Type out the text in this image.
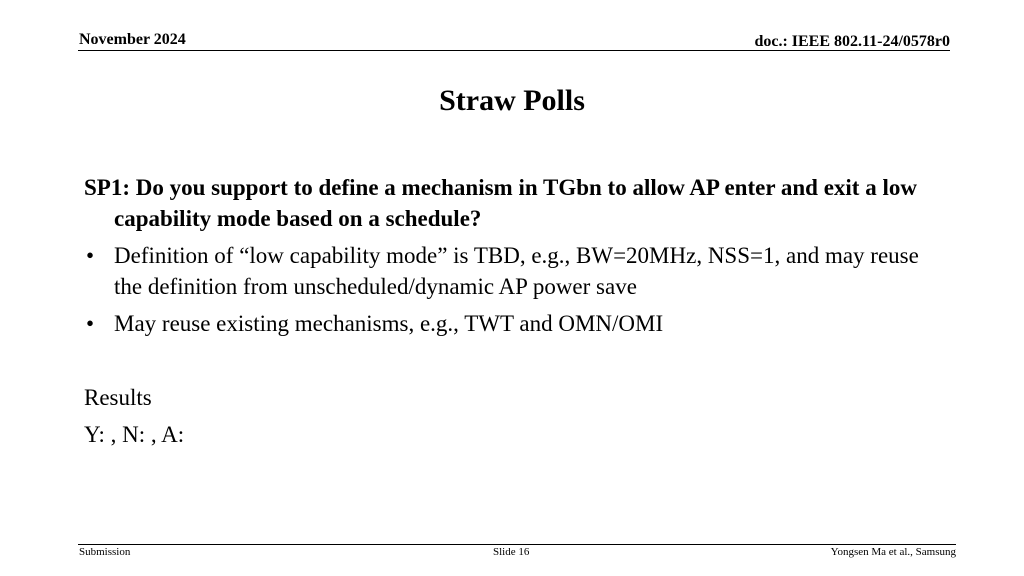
November 2024	doc.: IEEE 802.11-24/0578r0
Straw Polls
SP1: Do you support to define a mechanism in TGbn to allow AP enter and exit a low capability mode based on a schedule?
• Definition of “low capability mode” is TBD, e.g., BW=20MHz, NSS=1, and may reuse the definition from unscheduled/dynamic AP power save
• May reuse existing mechanisms, e.g., TWT and OMN/OMI
Results
Y: , N: , A:
Submission	Slide 16	Yongsen Ma et al., Samsung
